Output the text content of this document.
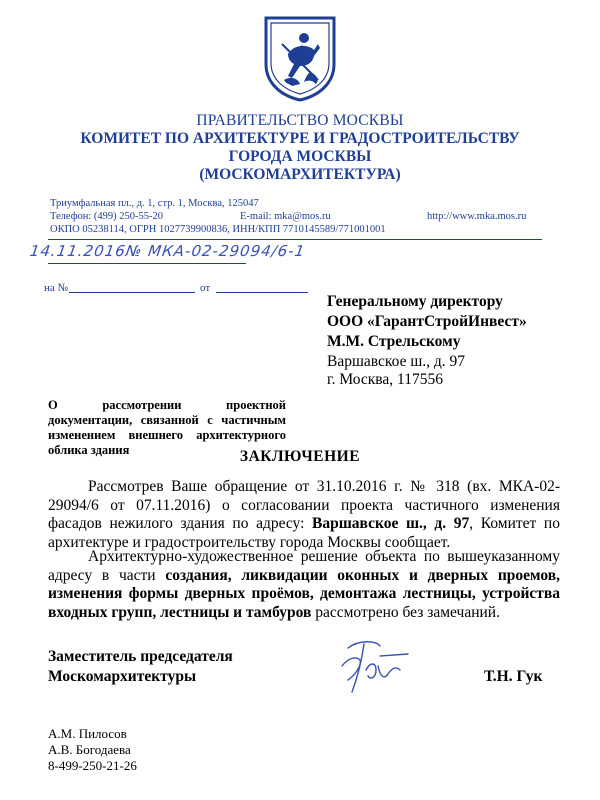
ПРАВИТЕЛЬСТВО МОСКВЫ
КОМИТЕТ ПО АРХИТЕКТУРЕ И ГРАДОСТРОИТЕЛЬСТВУ
ГОРОДА МОСКВЫ
(МОСКОМАРХИТЕКТУРА)
Триумфальная пл., д. 1, стр. 1, Москва, 125047
Телефон: (499) 250-55-20	E-mail: mka@mos.ru	http://www.mka.mos.ru
ОКПО 05238114, ОГРН 1027739900836, ИНН/КПП 7710145589/771001001
14.11.2016№ МКА-02-29094/6-1
на №	от
Генеральному директору
ООО «ГарантСтройИнвест»
М.М. Стрельскому
Варшавское ш., д. 97
г. Москва, 117556
О рассмотрении проектной документации, связанной с частичным изменением внешнего архитектурного облика здания	ЗАКЛЮЧЕНИЕ
Рассмотрев Ваше обращение от 31.10.2016 г. № 318 (вх. МКА-02-29094/6 от 07.11.2016) о согласовании проекта частичного изменения фасадов нежилого здания по адресу: Варшавское ш., д. 97, Комитет по архитектуре и градостроительству города Москвы сообщает.
Архитектурно-художественное решение объекта по вышеуказанному адресу в части создания, ликвидации оконных и дверных проемов, изменения формы дверных проёмов, демонтажа лестницы, устройства входных групп, лестницы и тамбуров рассмотрено без замечаний.
Заместитель председателя
Москомархитектуры	Т.Н. Гук
А.М. Пилосов
А.В. Богодаева
8-499-250-21-26
